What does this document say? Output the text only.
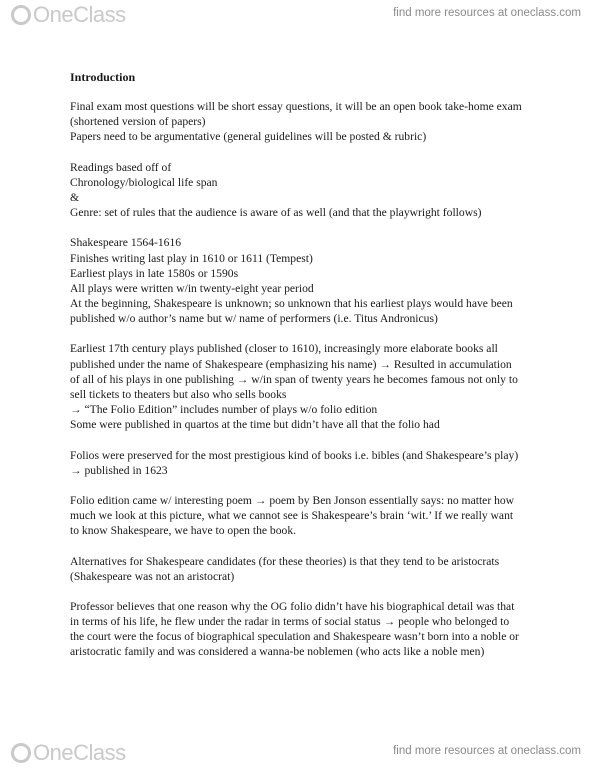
OneClass	find more resources at oneclass.com
Introduction
Final exam most questions will be short essay questions, it will be an open book take-home exam
(shortened version of papers)
Papers need to be argumentative (general guidelines will be posted & rubric)
Readings based off of
Chronology/biological life span
&
Genre: set of rules that the audience is aware of as well (and that the playwright follows)
Shakespeare 1564-1616
Finishes writing last play in 1610 or 1611 (Tempest)
Earliest plays in late 1580s or 1590s
All plays were written w/in twenty-eight year period
At the beginning, Shakespeare is unknown; so unknown that his earliest plays would have been
published w/o author’s name but w/ name of performers (i.e. Titus Andronicus)
Earliest 17th century plays published (closer to 1610), increasingly more elaborate books all
published under the name of Shakespeare (emphasizing his name) → Resulted in accumulation
of all of his plays in one publishing → w/in span of twenty years he becomes famous not only to
sell tickets to theaters but also who sells books
→ “The Folio Edition” includes number of plays w/o folio edition
Some were published in quartos at the time but didn’t have all that the folio had
Folios were preserved for the most prestigious kind of books i.e. bibles (and Shakespeare’s play)
→ published in 1623
Folio edition came w/ interesting poem → poem by Ben Jonson essentially says: no matter how
much we look at this picture, what we cannot see is Shakespeare’s brain ‘wit.’ If we really want
to know Shakespeare, we have to open the book.
Alternatives for Shakespeare candidates (for these theories) is that they tend to be aristocrats
(Shakespeare was not an aristocrat)
Professor believes that one reason why the OG folio didn’t have his biographical detail was that
in terms of his life, he flew under the radar in terms of social status → people who belonged to
the court were the focus of biographical speculation and Shakespeare wasn’t born into a noble or
aristocratic family and was considered a wanna-be noblemen (who acts like a noble men)
OneClass	find more resources at oneclass.com
